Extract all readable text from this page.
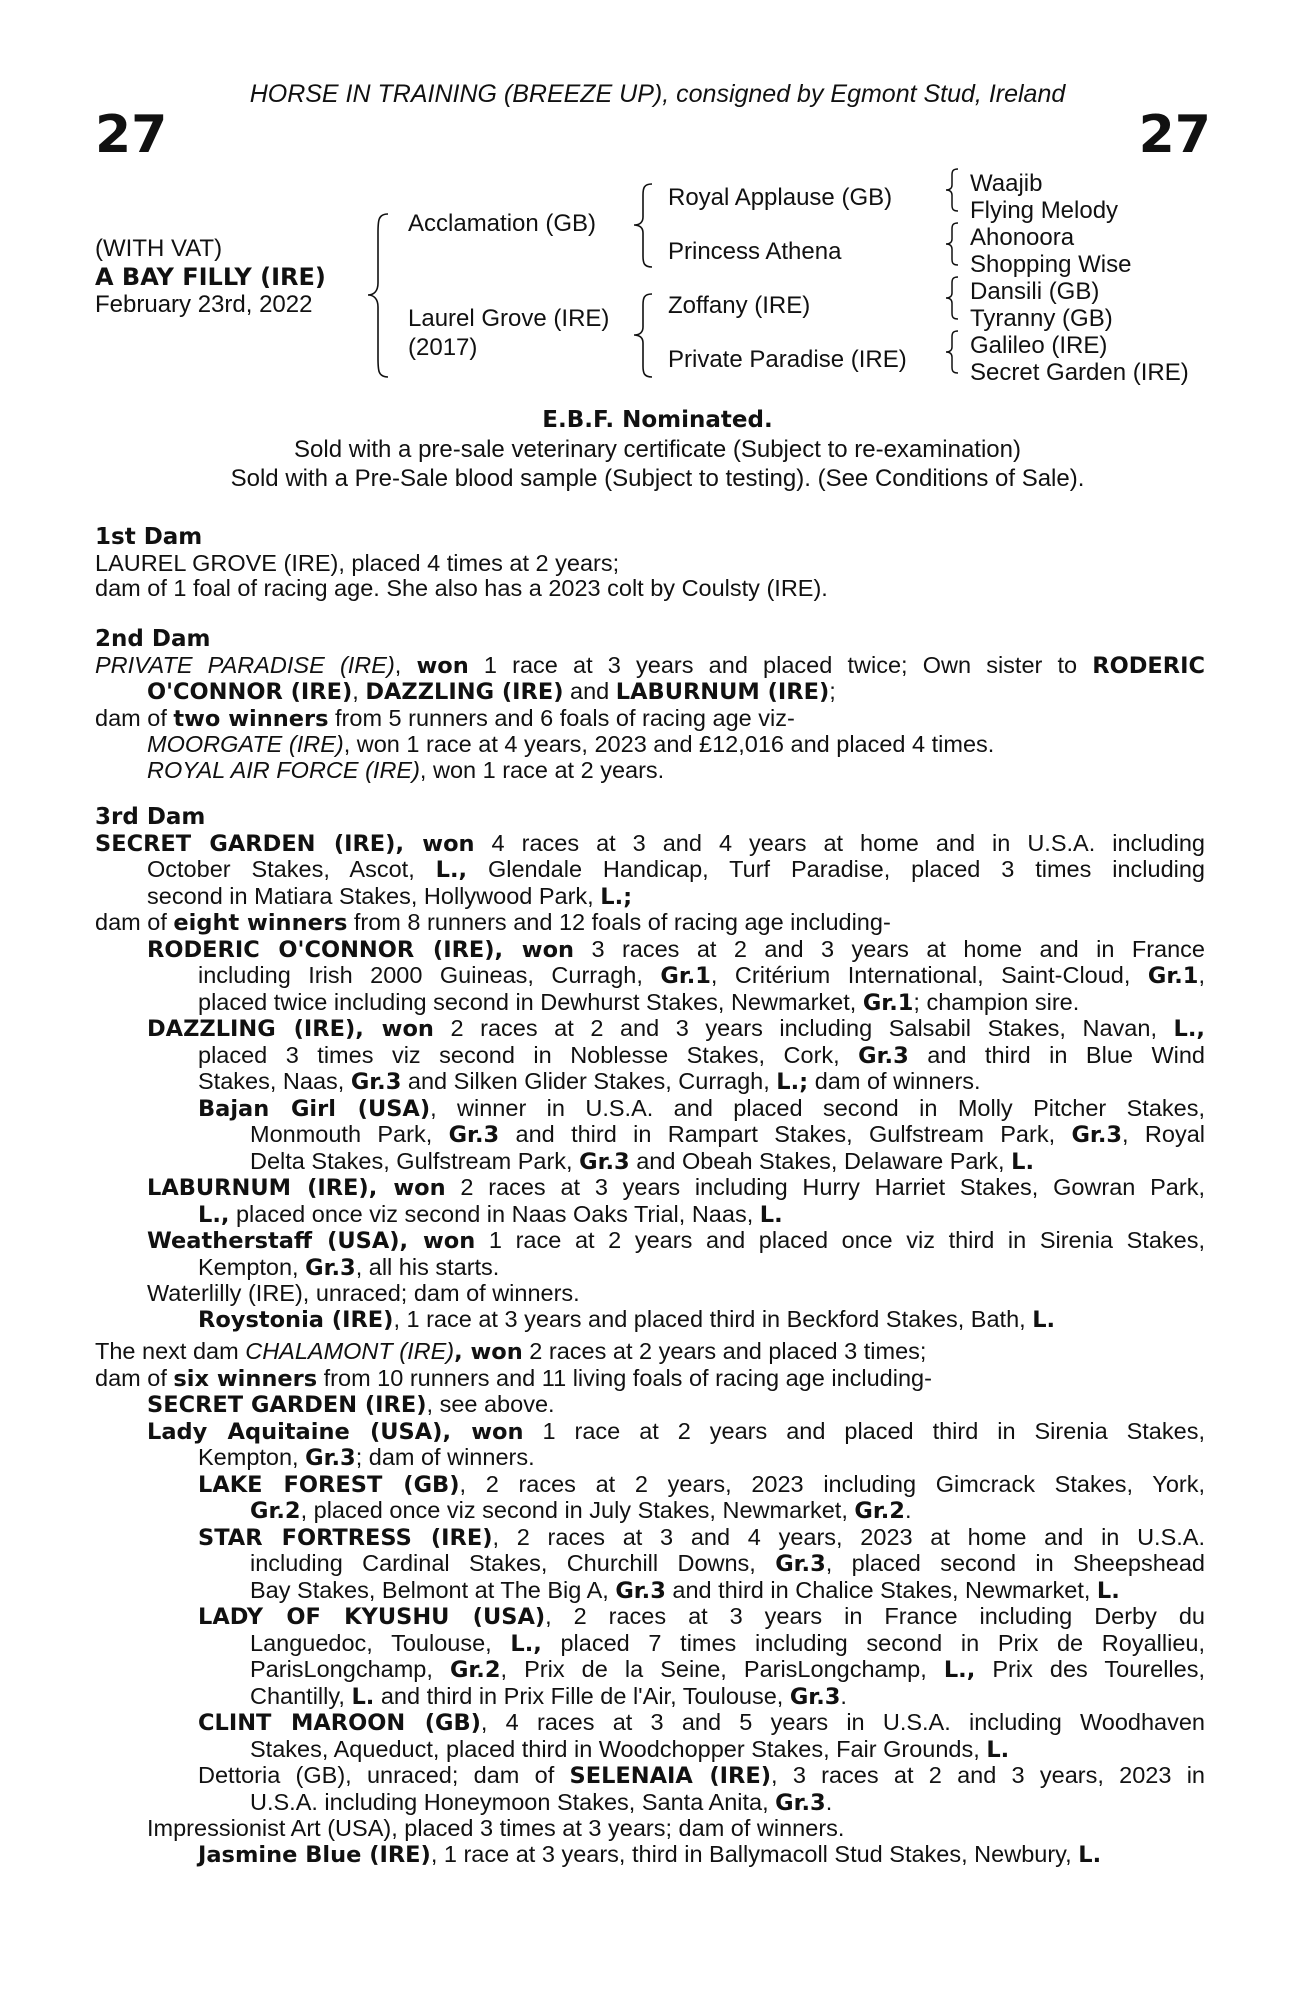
HORSE IN TRAINING (BREEZE UP), consigned by Egmont Stud, Ireland
27	27
(WITH VAT)
A BAY FILLY (IRE)
February 23rd, 2022
Acclamation (GB)
Laurel Grove (IRE)
(2017)
Royal Applause (GB)
Princess Athena
Zoffany (IRE)
Private Paradise (IRE)
Waajib
Flying Melody
Ahonoora
Shopping Wise
Dansili (GB)
Tyranny (GB)
Galileo (IRE)
Secret Garden (IRE)
E.B.F. Nominated.
Sold with a pre-sale veterinary certificate (Subject to re-examination)
Sold with a Pre-Sale blood sample (Subject to testing). (See Conditions of Sale).
1st Dam
LAUREL GROVE (IRE), placed 4 times at 2 years;
dam of 1 foal of racing age. She also has a 2023 colt by Coulsty (IRE).
2nd Dam
PRIVATE PARADISE (IRE), won 1 race at 3 years and placed twice; Own sister to RODERIC
O'CONNOR (IRE), DAZZLING (IRE) and LABURNUM (IRE);
dam of two winners from 5 runners and 6 foals of racing age viz-
MOORGATE (IRE), won 1 race at 4 years, 2023 and £12,016 and placed 4 times.
ROYAL AIR FORCE (IRE), won 1 race at 2 years.
3rd Dam
SECRET GARDEN (IRE), won 4 races at 3 and 4 years at home and in U.S.A. including
October Stakes, Ascot, L., Glendale Handicap, Turf Paradise, placed 3 times including
second in Matiara Stakes, Hollywood Park, L.;
dam of eight winners from 8 runners and 12 foals of racing age including-
RODERIC O'CONNOR (IRE), won 3 races at 2 and 3 years at home and in France
including Irish 2000 Guineas, Curragh, Gr.1, Critérium International, Saint-Cloud, Gr.1,
placed twice including second in Dewhurst Stakes, Newmarket, Gr.1; champion sire.
DAZZLING (IRE), won 2 races at 2 and 3 years including Salsabil Stakes, Navan, L.,
placed 3 times viz second in Noblesse Stakes, Cork, Gr.3 and third in Blue Wind
Stakes, Naas, Gr.3 and Silken Glider Stakes, Curragh, L.; dam of winners.
Bajan Girl (USA), winner in U.S.A. and placed second in Molly Pitcher Stakes,
Monmouth Park, Gr.3 and third in Rampart Stakes, Gulfstream Park, Gr.3, Royal
Delta Stakes, Gulfstream Park, Gr.3 and Obeah Stakes, Delaware Park, L.
LABURNUM (IRE), won 2 races at 3 years including Hurry Harriet Stakes, Gowran Park,
L., placed once viz second in Naas Oaks Trial, Naas, L.
Weatherstaff (USA), won 1 race at 2 years and placed once viz third in Sirenia Stakes,
Kempton, Gr.3, all his starts.
Waterlilly (IRE), unraced; dam of winners.
Roystonia (IRE), 1 race at 3 years and placed third in Beckford Stakes, Bath, L.
The next dam CHALAMONT (IRE), won 2 races at 2 years and placed 3 times;
dam of six winners from 10 runners and 11 living foals of racing age including-
SECRET GARDEN (IRE), see above.
Lady Aquitaine (USA), won 1 race at 2 years and placed third in Sirenia Stakes,
Kempton, Gr.3; dam of winners.
LAKE FOREST (GB), 2 races at 2 years, 2023 including Gimcrack Stakes, York,
Gr.2, placed once viz second in July Stakes, Newmarket, Gr.2.
STAR FORTRESS (IRE), 2 races at 3 and 4 years, 2023 at home and in U.S.A.
including Cardinal Stakes, Churchill Downs, Gr.3, placed second in Sheepshead
Bay Stakes, Belmont at The Big A, Gr.3 and third in Chalice Stakes, Newmarket, L.
LADY OF KYUSHU (USA), 2 races at 3 years in France including Derby du
Languedoc, Toulouse, L., placed 7 times including second in Prix de Royallieu,
ParisLongchamp, Gr.2, Prix de la Seine, ParisLongchamp, L., Prix des Tourelles,
Chantilly, L. and third in Prix Fille de l'Air, Toulouse, Gr.3.
CLINT MAROON (GB), 4 races at 3 and 5 years in U.S.A. including Woodhaven
Stakes, Aqueduct, placed third in Woodchopper Stakes, Fair Grounds, L.
Dettoria (GB), unraced; dam of SELENAIA (IRE), 3 races at 2 and 3 years, 2023 in
U.S.A. including Honeymoon Stakes, Santa Anita, Gr.3.
Impressionist Art (USA), placed 3 times at 3 years; dam of winners.
Jasmine Blue (IRE), 1 race at 3 years, third in Ballymacoll Stud Stakes, Newbury, L.
